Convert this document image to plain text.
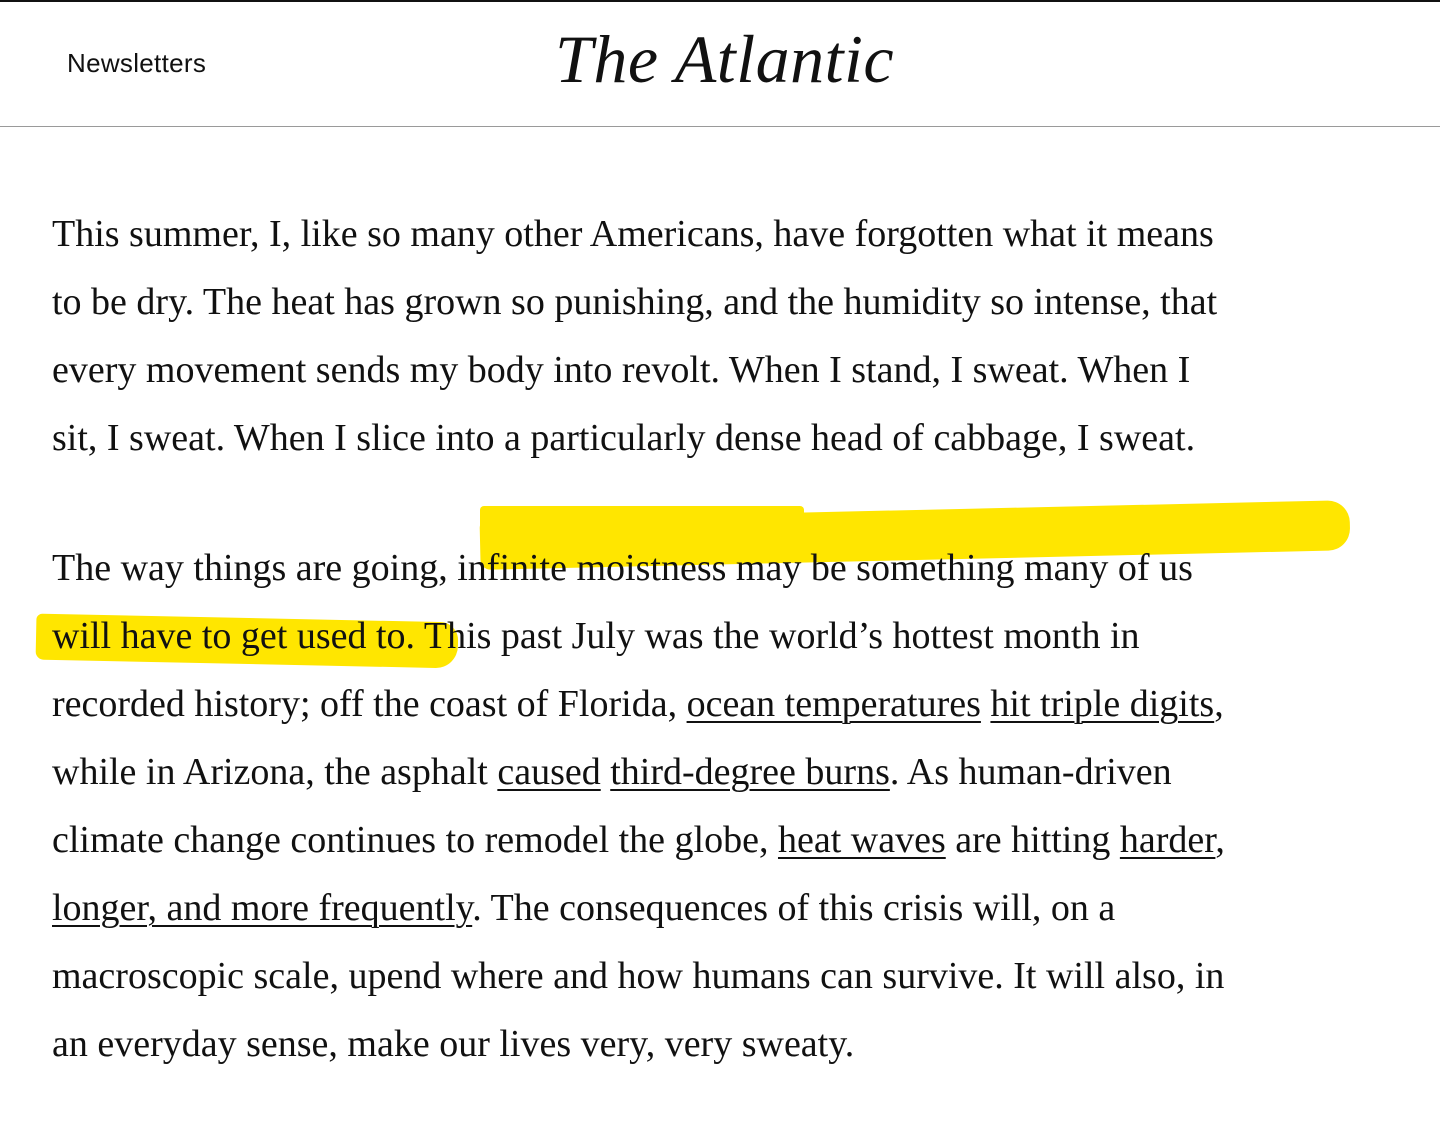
Newsletters	The Atlantic

This summer, I, like so many other Americans, have forgotten what it means
to be dry. The heat has grown so punishing, and the humidity so intense, that
every movement sends my body into revolt. When I stand, I sweat. When I
sit, I sweat. When I slice into a particularly dense head of cabbage, I sweat.

The way things are going, infinite moistness may be something many of us
will have to get used to. This past July was the world’s hottest month in
recorded history; off the coast of Florida, ocean temperatures hit triple digits,
while in Arizona, the asphalt caused third-degree burns. As human-driven
climate change continues to remodel the globe, heat waves are hitting harder,
longer, and more frequently. The consequences of this crisis will, on a
macroscopic scale, upend where and how humans can survive. It will also, in
an everyday sense, make our lives very, very sweaty.
